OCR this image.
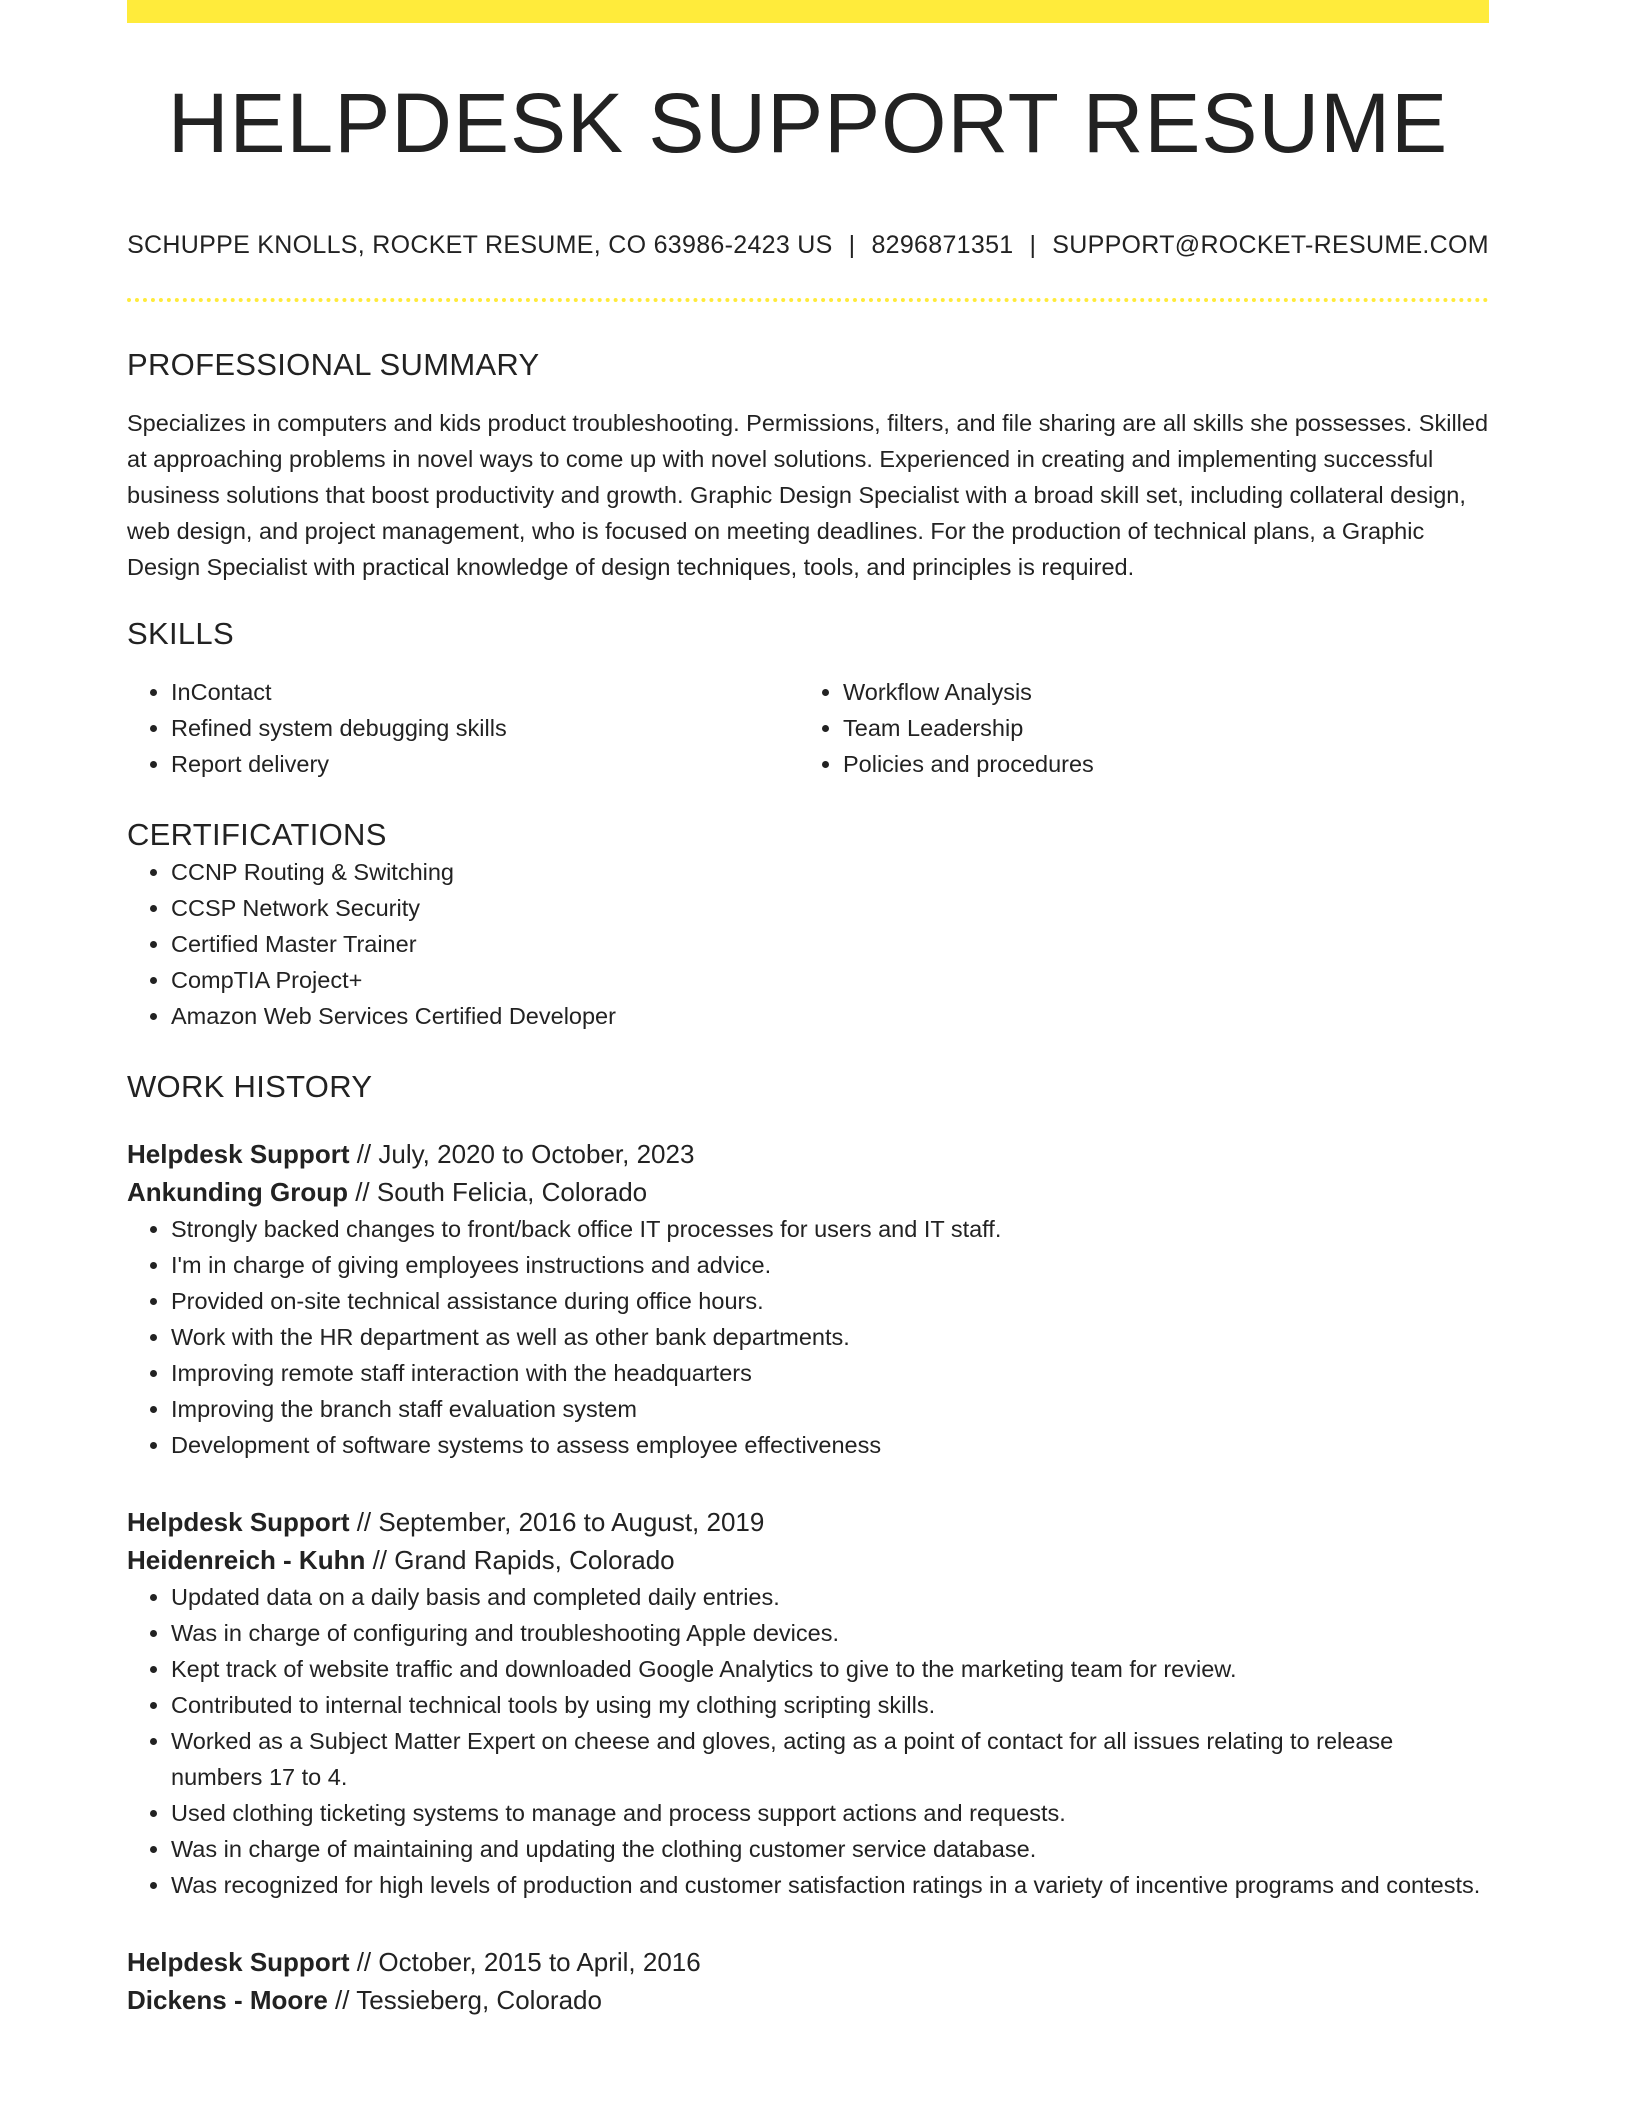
HELPDESK SUPPORT RESUME
SCHUPPE KNOLLS, ROCKET RESUME, CO 63986-2423 US | 8296871351 | SUPPORT@ROCKET-RESUME.COM
PROFESSIONAL SUMMARY

Specializes in computers and kids product troubleshooting. Permissions, filters, and file sharing are all skills she possesses. Skilled at approaching problems in novel ways to come up with novel solutions. Experienced in creating and implementing successful business solutions that boost productivity and growth. Graphic Design Specialist with a broad skill set, including collateral design, web design, and project management, who is focused on meeting deadlines. For the production of technical plans, a Graphic Design Specialist with practical knowledge of design techniques, tools, and principles is required.

SKILLS
• InContact
• Refined system debugging skills
• Report delivery
• Workflow Analysis
• Team Leadership
• Policies and procedures
CERTIFICATIONS
• CCNP Routing & Switching
• CCSP Network Security
• Certified Master Trainer
• CompTIA Project+
• Amazon Web Services Certified Developer
WORK HISTORY
Helpdesk Support // July, 2020 to October, 2023
Ankunding Group // South Felicia, Colorado
• Strongly backed changes to front/back office IT processes for users and IT staff.
• I'm in charge of giving employees instructions and advice.
• Provided on-site technical assistance during office hours.
• Work with the HR department as well as other bank departments.
• Improving remote staff interaction with the headquarters
• Improving the branch staff evaluation system
• Development of software systems to assess employee effectiveness
Helpdesk Support // September, 2016 to August, 2019
Heidenreich - Kuhn // Grand Rapids, Colorado
• Updated data on a daily basis and completed daily entries.
• Was in charge of configuring and troubleshooting Apple devices.
• Kept track of website traffic and downloaded Google Analytics to give to the marketing team for review.
• Contributed to internal technical tools by using my clothing scripting skills.
• Worked as a Subject Matter Expert on cheese and gloves, acting as a point of contact for all issues relating to release numbers 17 to 4.
• Used clothing ticketing systems to manage and process support actions and requests.
• Was in charge of maintaining and updating the clothing customer service database.
• Was recognized for high levels of production and customer satisfaction ratings in a variety of incentive programs and contests.
Helpdesk Support // October, 2015 to April, 2016
Dickens - Moore // Tessieberg, Colorado
